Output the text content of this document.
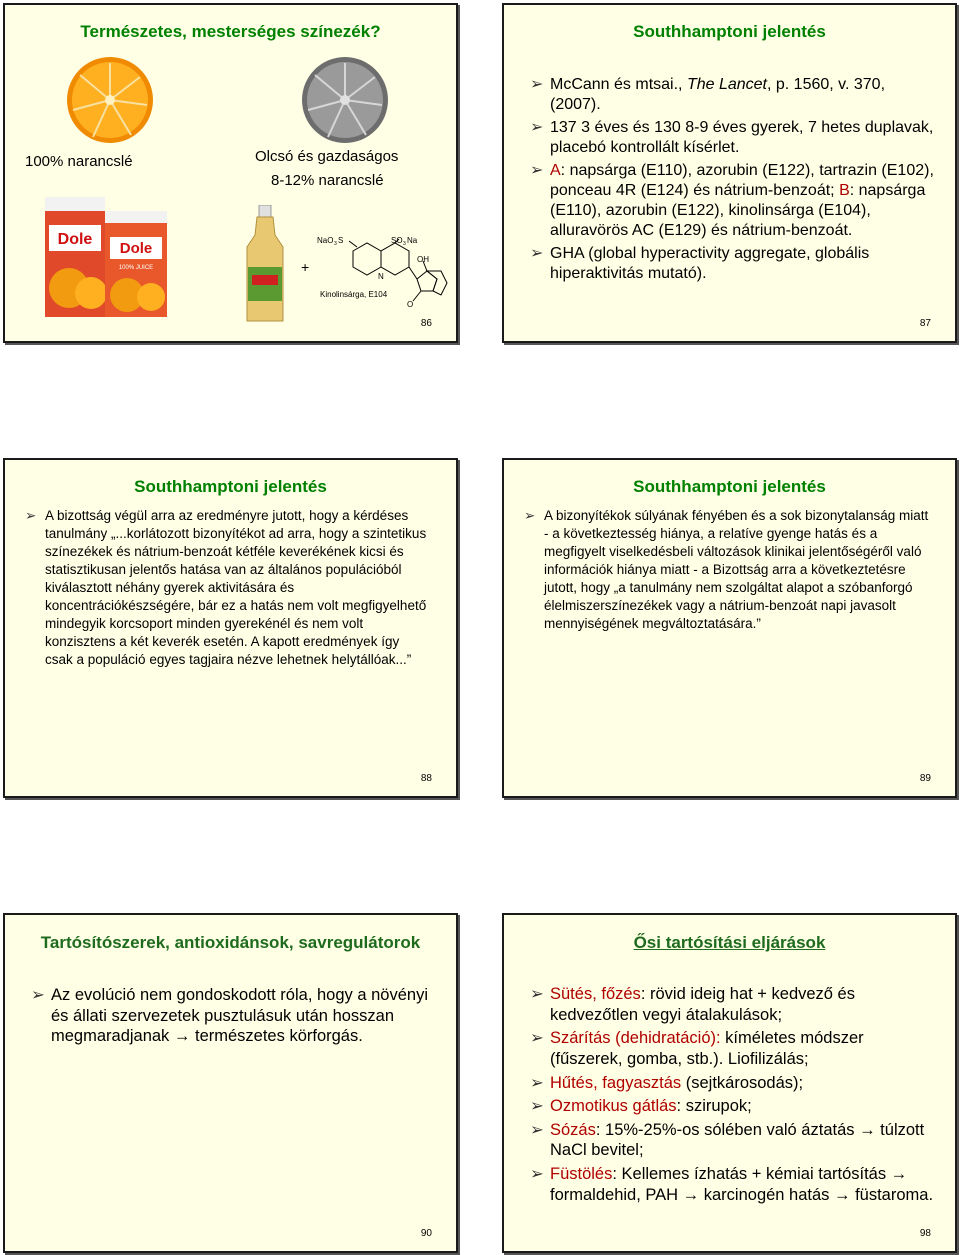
Természetes, mesterséges színezék?
100% narancslé	Olcsó és gazdaságos
8-12% narancslé
Dole
Dole
100% JUICE	+
NaO 3 S	SO 3 Na
OH
N
O
Kinolinsárga, E104
86
Southhamptoni jelentés
➢ McCann és mtsai., The Lancet, p. 1560, v. 370, (2007).
➢ 137 3 éves és 130 8-9 éves gyerek, 7 hetes duplavak, placebó kontrollált kísérlet.
➢ A: napsárga (E110), azorubin (E122), tartrazin (E102), ponceau 4R (E124) és nátrium-benzoát; B: napsárga (E110), azorubin (E122), kinolinsárga (E104), alluravörös AC (E129) és nátrium-benzoát.
➢ GHA (global hyperactivity aggregate, globális hiperaktivitás mutató).
87
Southhamptoni jelentés
➢ A bizottság végül arra az eredményre jutott, hogy a kérdéses tanulmány „...korlátozott bizonyítékot ad arra, hogy a szintetikus színezékek és nátrium-benzoát kétféle keverékének kicsi és statisztikusan jelentős hatása van az általános populációból kiválasztott néhány gyerek aktivitására és koncentrációkészségére, bár ez a hatás nem volt megfigyelhető mindegyik korcsoport minden gyerekénél és nem volt konzisztens a két keverék esetén. A kapott eredmények így csak a populáció egyes tagjaira nézve lehetnek helytállóak...”
88
Southhamptoni jelentés
➢ A bizonyítékok súlyának fényében és a sok bizonytalanság miatt - a következtesség hiánya, a relatíve gyenge hatás és a megfigyelt viselkedésbeli változások klinikai jelentőségéről való információk hiánya miatt - a Bizottság arra a következtetésre jutott, hogy „a tanulmány nem szolgáltat alapot a szóbanforgó élelmiszerszínezékek vagy a nátrium-benzoát napi javasolt mennyiségének megváltoztatására.”
89
Tartósítószerek, antioxidánsok, savregulátorok
➢ Az evolúció nem gondoskodott róla, hogy a növényi és állati szervezetek pusztulásuk után hosszan megmaradjanak → természetes körforgás.
90
Ősi tartósítási eljárások
➢ Sütés, főzés: rövid ideig hat + kedvező és kedvezőtlen vegyi átalakulások;
➢ Szárítás (dehidratáció): kíméletes módszer (fűszerek, gomba, stb.). Liofilizálás;
➢ Hűtés, fagyasztás (sejtkárosodás);
➢ Ozmotikus gátlás: szirupok;
➢ Sózás: 15%-25%-os sólében való áztatás → túlzott NaCl bevitel;
➢ Füstölés: Kellemes ízhatás + kémiai tartósítás → formaldehid, PAH → karcinogén hatás → füstaroma.
98
